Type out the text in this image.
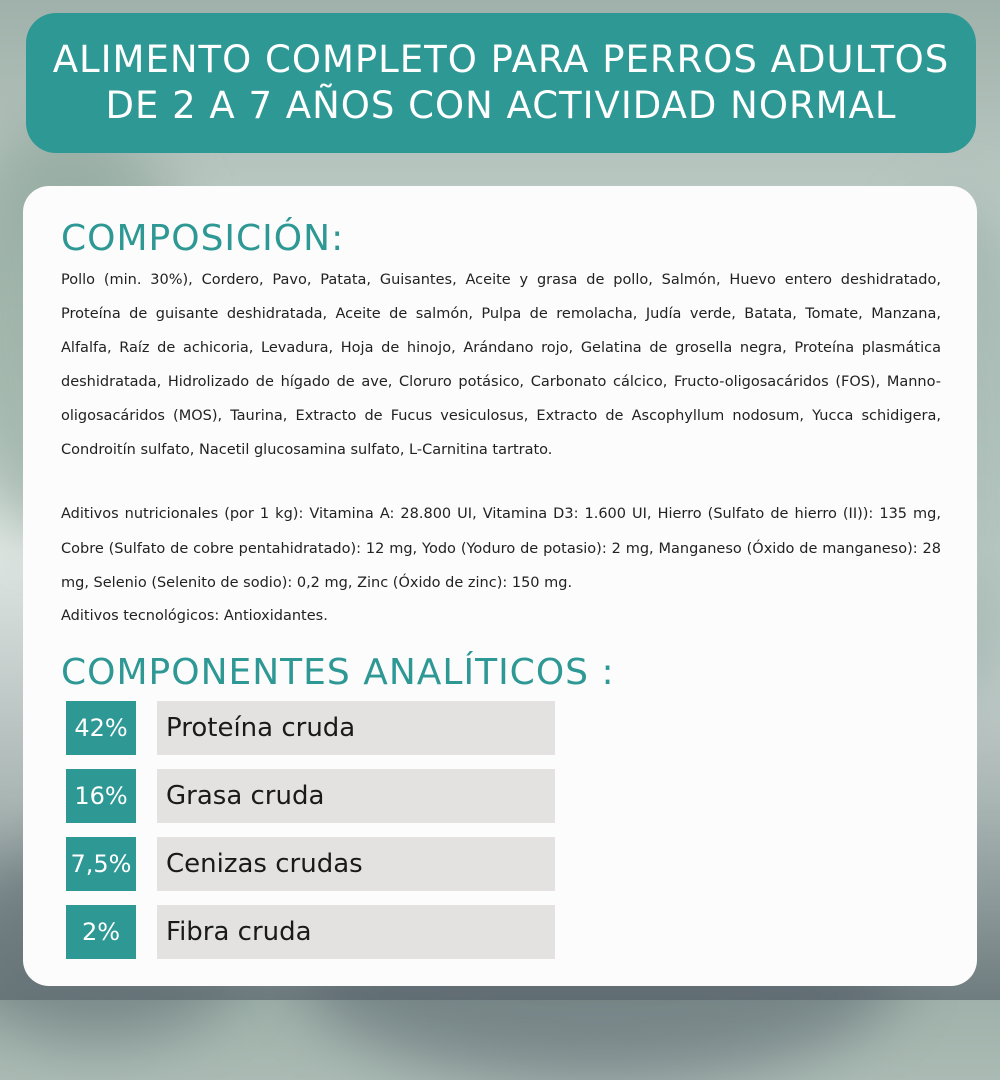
ALIMENTO COMPLETO PARA PERROS ADULTOS DE 2 A 7 AÑOS CON ACTIVIDAD NORMAL
COMPOSICIÓN:

Pollo (min. 30%), Cordero, Pavo, Patata, Guisantes, Aceite y grasa de pollo, Salmón, Huevo entero deshidratado, Proteína de guisante deshidratada, Aceite de salmón, Pulpa de remolacha, Judía verde, Batata, Tomate, Manzana, Alfalfa, Raíz de achicoria, Levadura, Hoja de hinojo, Arándano rojo, Gelatina de grosella negra, Proteína plasmática deshidratada, Hidrolizado de hígado de ave, Cloruro potásico, Carbonato cálcico, Fructo-oligosacáridos (FOS), Manno-oligosacáridos (MOS), Taurina, Extracto de Fucus vesiculosus, Extracto de Ascophyllum nodosum, Yucca schidigera, Condroitín sulfato, Nacetil glucosamina sulfato, L-Carnitina tartrato.

Aditivos nutricionales (por 1 kg): Vitamina A: 28.800 UI, Vitamina D3: 1.600 UI, Hierro (Sulfato de hierro (II)): 135 mg, Cobre (Sulfato de cobre pentahidratado): 12 mg, Yodo (Yoduro de potasio): 2 mg, Manganeso (Óxido de manganeso): 28 mg, Selenio (Selenito de sodio): 0,2 mg, Zinc (Óxido de zinc): 150 mg.

Aditivos tecnológicos: Antioxidantes.

COMPONENTES ANALÍTICOS :
42%	Proteína cruda
16%	Grasa cruda
7,5%	Cenizas crudas
2%	Fibra cruda
